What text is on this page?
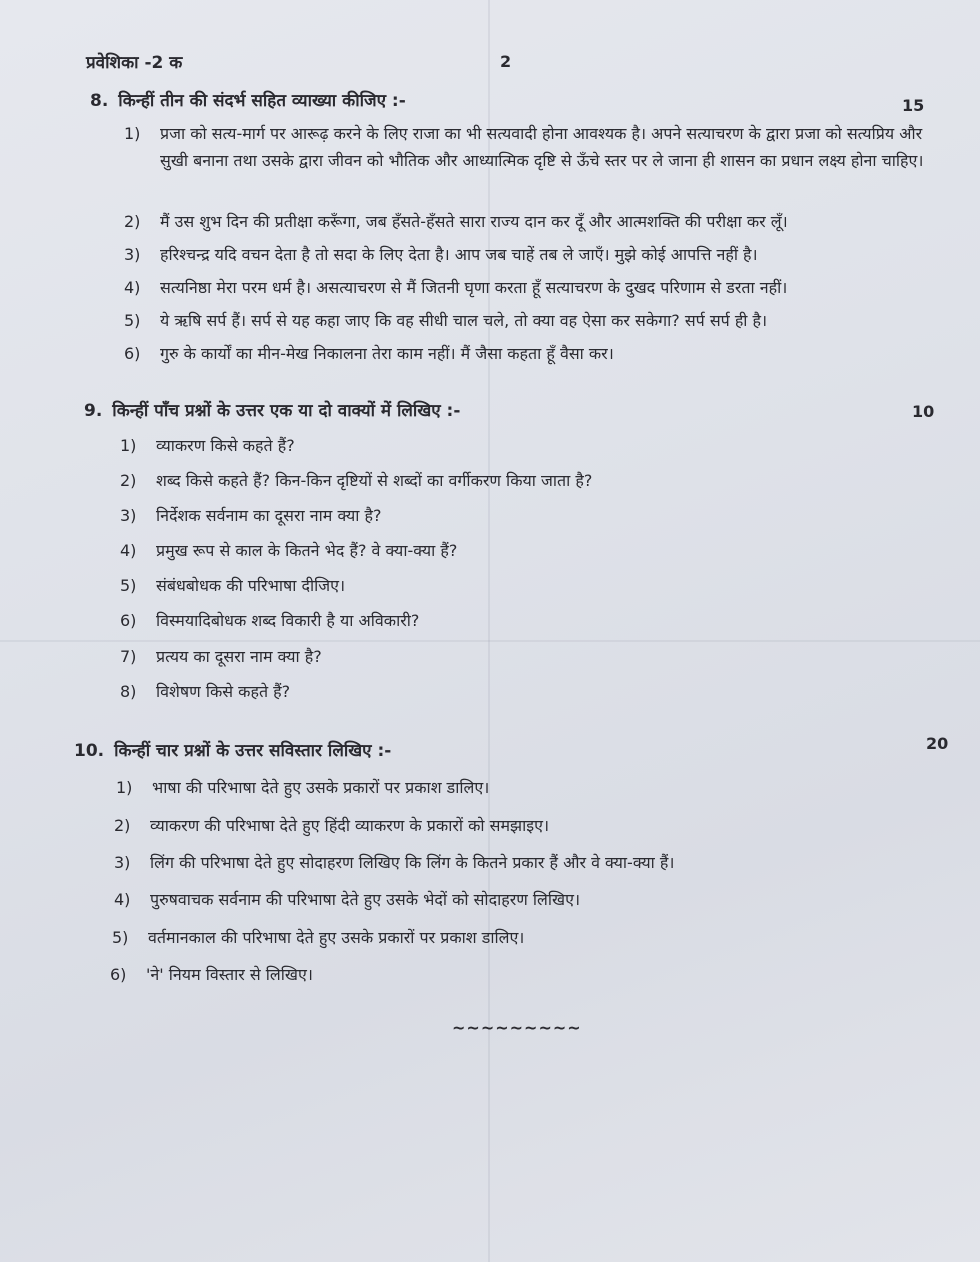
प्रवेशिका -2 क	2
8. किन्हीं तीन की संदर्भ सहित व्याख्या कीजिए :-	15
1) प्रजा को सत्य-मार्ग पर आरूढ़ करने के लिए राजा का भी सत्यवादी होना आवश्यक है। अपने सत्याचरण के द्वारा प्रजा को सत्यप्रिय और सुखी बनाना तथा उसके द्वारा जीवन को भौतिक और आध्यात्मिक दृष्टि से ऊँचे स्तर पर ले जाना ही शासन का प्रधान लक्ष्य होना चाहिए।
2) मैं उस शुभ दिन की प्रतीक्षा करूँगा, जब हँसते-हँसते सारा राज्य दान कर दूँ और आत्मशक्ति की परीक्षा कर लूँ।
3) हरिश्चन्द्र यदि वचन देता है तो सदा के लिए देता है। आप जब चाहें तब ले जाएँ। मुझे कोई आपत्ति नहीं है।
4) सत्यनिष्ठा मेरा परम धर्म है। असत्याचरण से मैं जितनी घृणा करता हूँ सत्याचरण के दुखद परिणाम से डरता नहीं।
5) ये ऋषि सर्प हैं। सर्प से यह कहा जाए कि वह सीधी चाल चले, तो क्या वह ऐसा कर सकेगा? सर्प सर्प ही है।
6) गुरु के कार्यों का मीन-मेख निकालना तेरा काम नहीं। मैं जैसा कहता हूँ वैसा कर।
9. किन्हीं पाँच प्रश्नों के उत्तर एक या दो वाक्यों में लिखिए :-	10
1) व्याकरण किसे कहते हैं?
2) शब्द किसे कहते हैं? किन-किन दृष्टियों से शब्दों का वर्गीकरण किया जाता है?
3) निर्देशक सर्वनाम का दूसरा नाम क्या है?
4) प्रमुख रूप से काल के कितने भेद हैं? वे क्या-क्या हैं?
5) संबंधबोधक की परिभाषा दीजिए।
6) विस्मयादिबोधक शब्द विकारी है या अविकारी?
7) प्रत्यय का दूसरा नाम क्या है?
8) विशेषण किसे कहते हैं?
10. किन्हीं चार प्रश्नों के उत्तर सविस्तार लिखिए :-	20
1) भाषा की परिभाषा देते हुए उसके प्रकारों पर प्रकाश डालिए।
2) व्याकरण की परिभाषा देते हुए हिंदी व्याकरण के प्रकारों को समझाइए।
3) लिंग की परिभाषा देते हुए सोदाहरण लिखिए कि लिंग के कितने प्रकार हैं और वे क्या-क्या हैं।
4) पुरुषवाचक सर्वनाम की परिभाषा देते हुए उसके भेदों को सोदाहरण लिखिए।
5) वर्तमानकाल की परिभाषा देते हुए उसके प्रकारों पर प्रकाश डालिए।
6) 'ने' नियम विस्तार से लिखिए।
~~~~~~~~~
